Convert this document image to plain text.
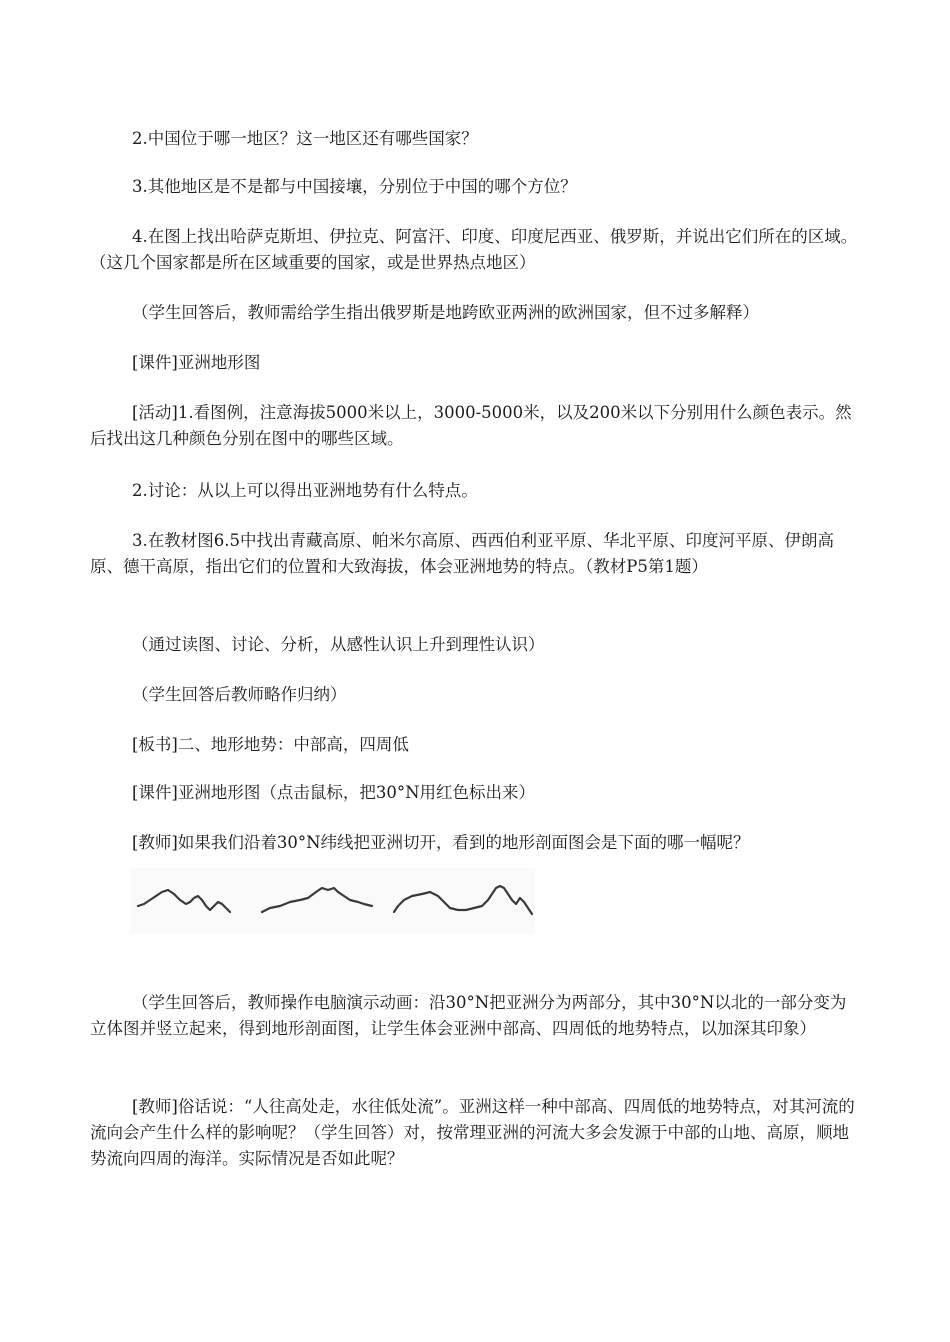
2.中国位于哪一地区？这一地区还有哪些国家？

3.其他地区是不是都与中国接壤，分别位于中国的哪个方位？

4.在图上找出哈萨克斯坦、伊拉克、阿富汗、印度、印度尼西亚、俄罗斯，并说出它们所在的区域。（这几个国家都是所在区域重要的国家，或是世界热点地区）

（学生回答后，教师需给学生指出俄罗斯是地跨欧亚两洲的欧洲国家，但不过多解释）

[课件]亚洲地形图

[活动]1.看图例，注意海拔5000米以上，3000-5000米，以及200米以下分别用什么颜色表示。然后找出这几种颜色分别在图中的哪些区域。

2.讨论：从以上可以得出亚洲地势有什么特点。

3.在教材图6.5中找出青藏高原、帕米尔高原、西西伯利亚平原、华北平原、印度河平原、伊朗高原、德干高原，指出它们的位置和大致海拔，体会亚洲地势的特点。（教材P5第1题）

（通过读图、讨论、分析，从感性认识上升到理性认识）

（学生回答后教师略作归纳）

[板书]二、地形地势：中部高，四周低

[课件]亚洲地形图（点击鼠标，把30°N用红色标出来）

[教师]如果我们沿着30°N纬线把亚洲切开，看到的地形剖面图会是下面的哪一幅呢？

（学生回答后，教师操作电脑演示动画：沿30°N把亚洲分为两部分，其中30°N以北的一部分变为立体图并竖立起来，得到地形剖面图，让学生体会亚洲中部高、四周低的地势特点，以加深其印象）

[教师]俗话说：“人往高处走，水往低处流”。亚洲这样一种中部高、四周低的地势特点，对其河流的流向会产生什么样的影响呢？（学生回答）对，按常理亚洲的河流大多会发源于中部的山地、高原，顺地势流向四周的海洋。实际情况是否如此呢？
